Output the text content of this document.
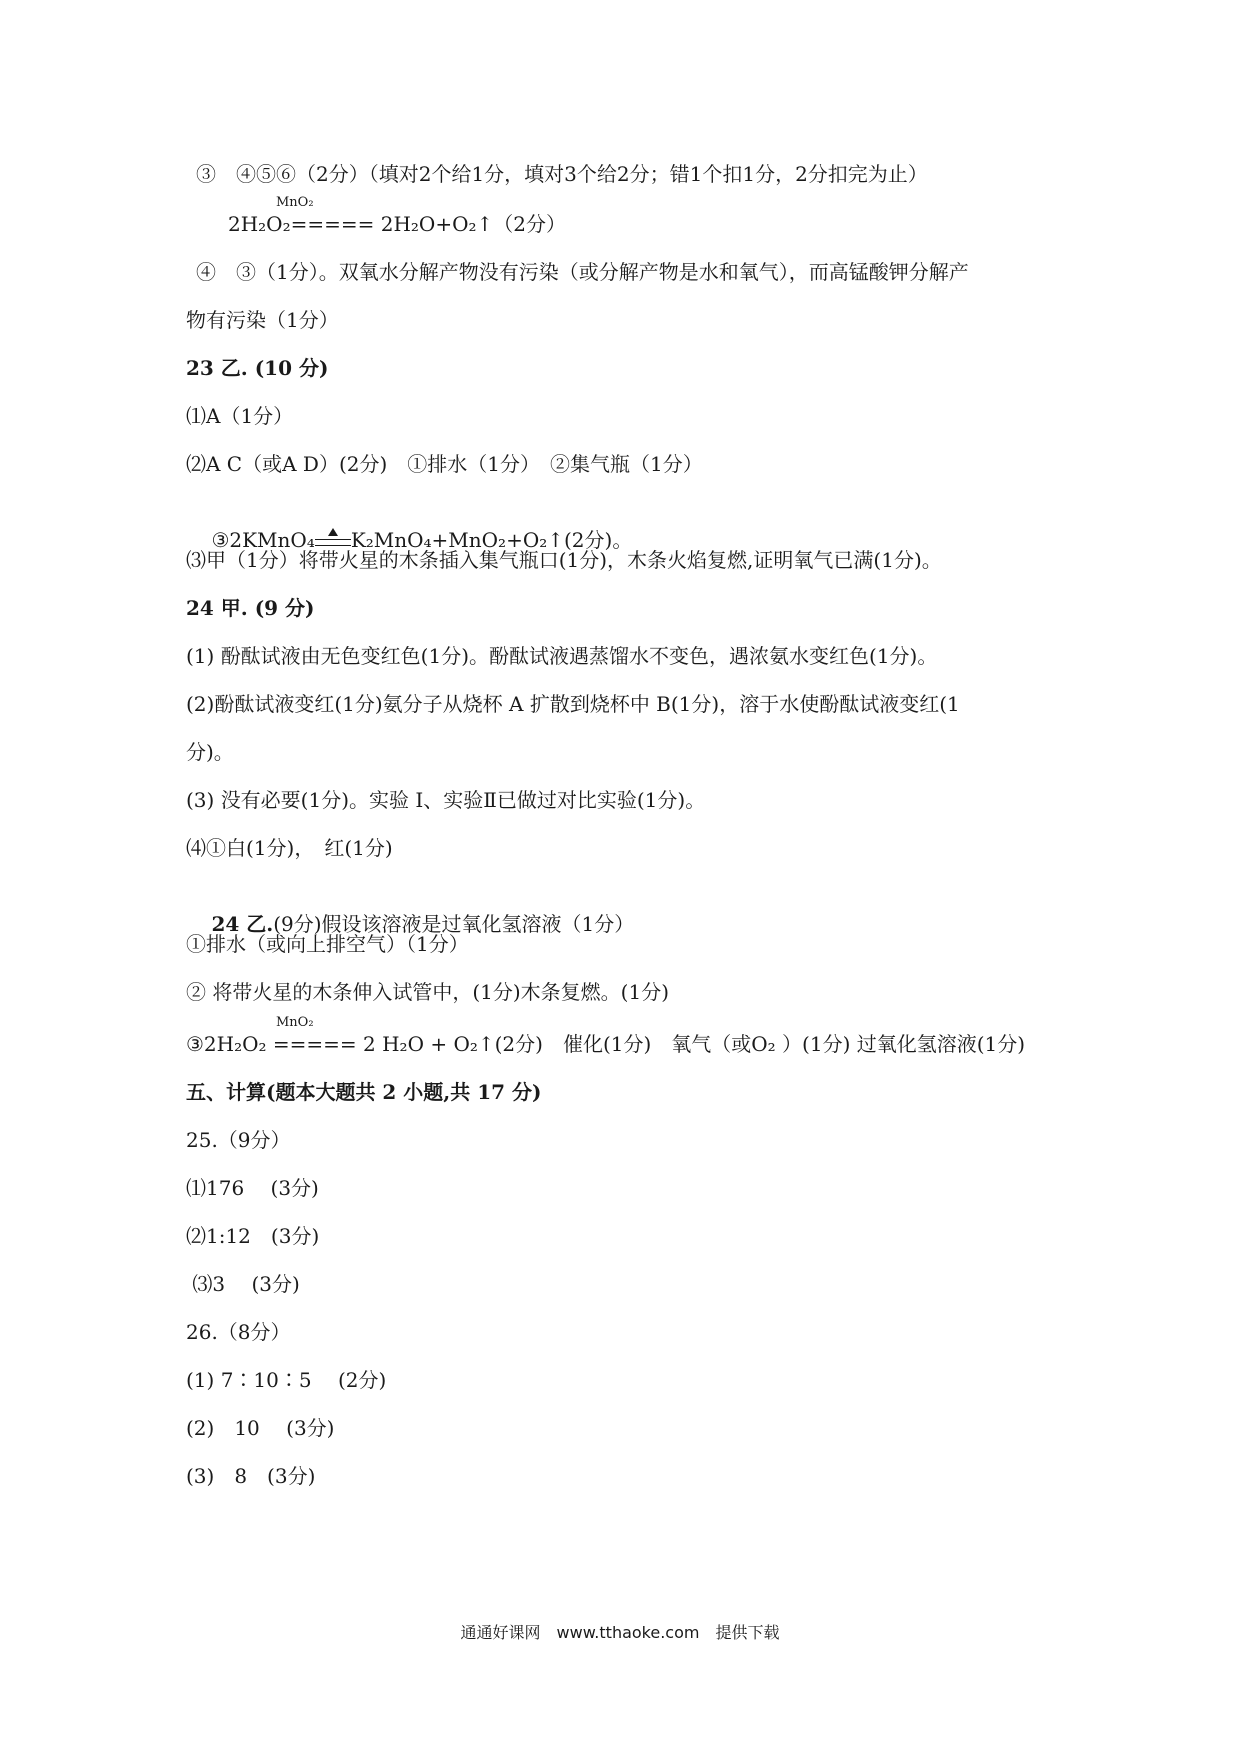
③　④⑤⑥（2分）（填对2个给1分，填对3个给2分；错1个扣1分，2分扣完为止）
MnO₂
2H₂O₂===== 2H₂O+O₂↑（2分）
④　③（1分）。双氧水分解产物没有污染（或分解产物是水和氧气），而高锰酸钾分解产
物有污染（1分）
23 乙. (10 分)
⑴A（1分）
⑵A C（或A D）(2分)　①排水（1分）　②集气瓶（1分）

③2KMnO₄ K₂MnO₄+MnO₂+O₂↑(2分)。

⑶甲（1分）将带火星的木条插入集气瓶口(1分)，木条火焰复燃,证明氧气已满(1分)。
24 甲. (9 分)
(1) 酚酞试液由无色变红色(1分)。酚酞试液遇蒸馏水不变色，遇浓氨水变红色(1分)。
(2)酚酞试液变红(1分)氨分子从烧杯 A 扩散到烧杯中 B(1分)，溶于水使酚酞试液变红(1
分)。
(3) 没有必要(1分)。实验 I、实验Ⅱ已做过对比实验(1分)。
⑷①白(1分)，　红(1分)

24 乙.(9分)假设该溶液是过氧化氢溶液（1分）

①排水（或向上排空气）（1分）
② 将带火星的木条伸入试管中，(1分)木条复燃。(1分)
MnO₂
③2H₂O₂ ===== 2 H₂O + O₂↑(2分)　催化(1分)　氧气（或O₂ ）(1分) 过氧化氢溶液(1分)
五、计算(题本大题共 2 小题,共 17 分)
25.（9分）
⑴176　 (3分)
⑵1:12　(3分)
⑶3　 (3分)
26.（8分）
(1) 7∶10∶5　 (2分)
(2)　10　 (3分)
(3)　8　(3分)
通通好课网　www.tthaoke.com　提供下载
